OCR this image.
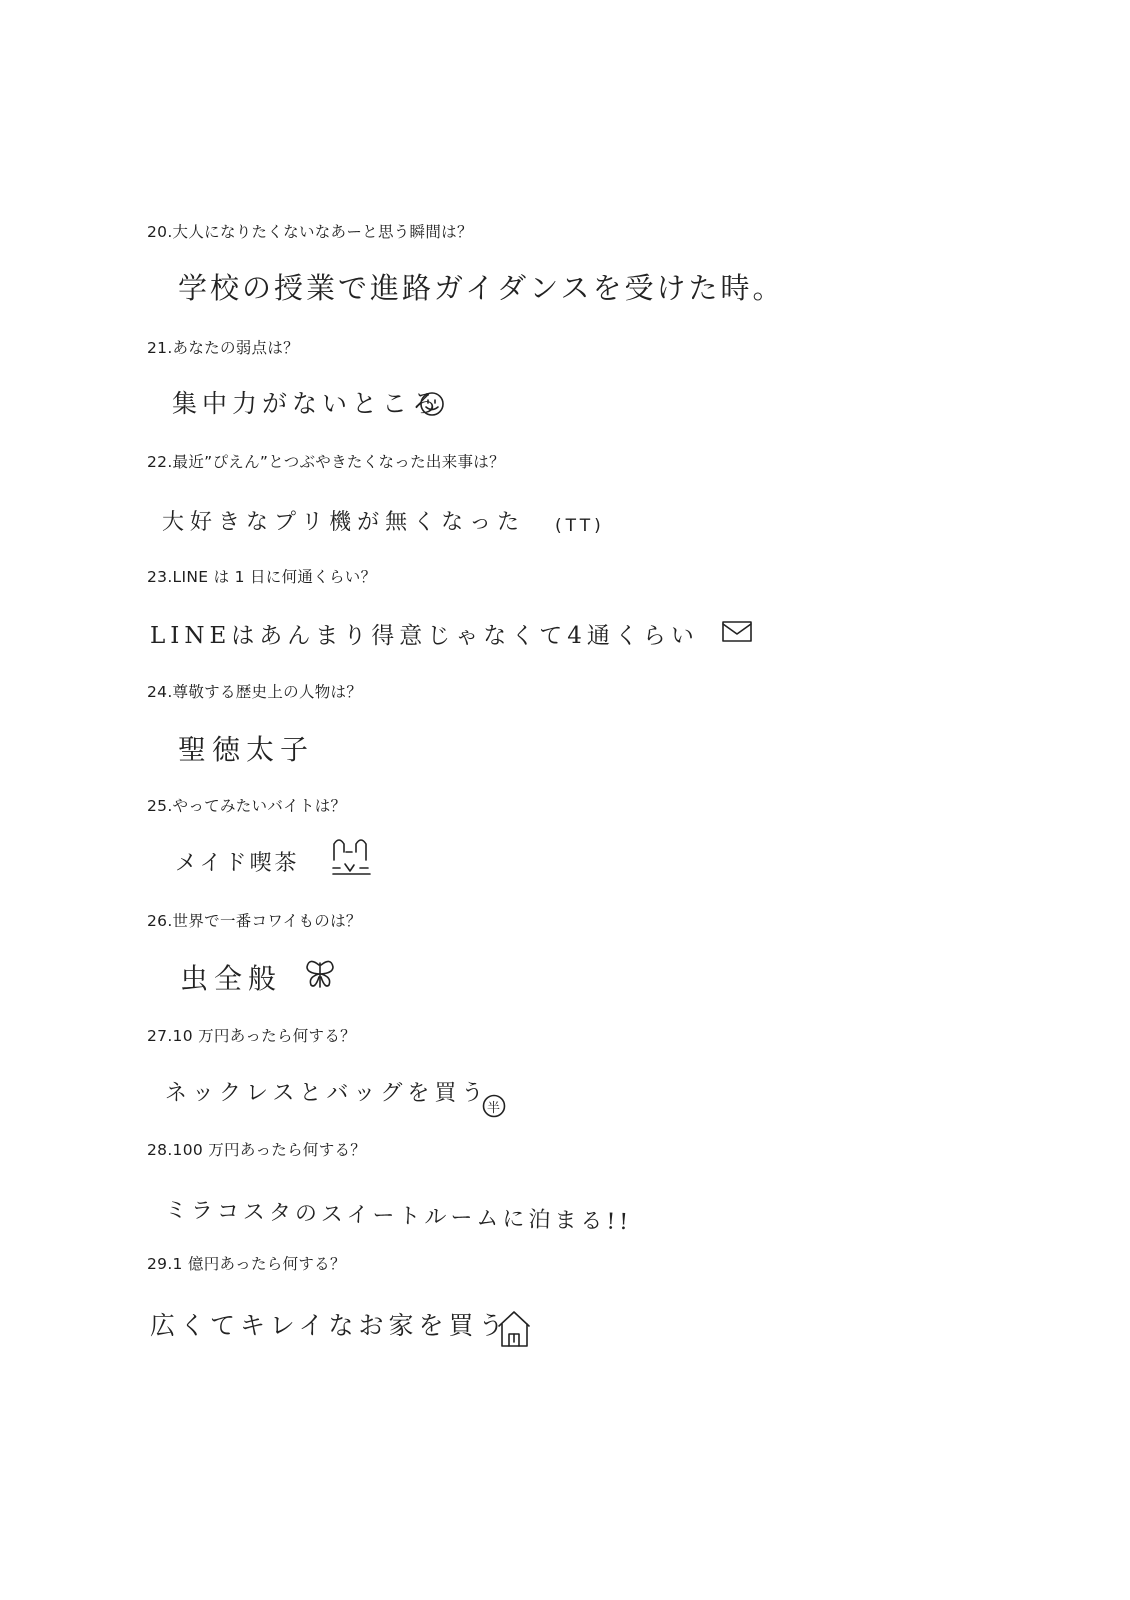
20.大人になりたくないなあーと思う瞬間は？
学校の授業で進路ガイダンスを受けた時。
21.あなたの弱点は？
集中力がないところ
22.最近”ぴえん”とつぶやきたくなった出来事は？
大好きなプリ機が無くなった (TT)
23.LINE は 1 日に何通くらい？
LINEはあんまり得意じゃなくて4通くらい
24.尊敬する歴史上の人物は？
聖徳太子
25.やってみたいバイトは？
メイド喫茶
26.世界で一番コワイものは？
虫全般
27.10 万円あったら何する？
ネックレスとバッグを買う
半
28.100 万円あったら何する？
ミラコスタのスイートルームに泊まる!!
29.1 億円あったら何する？
広くてキレイなお家を買う
